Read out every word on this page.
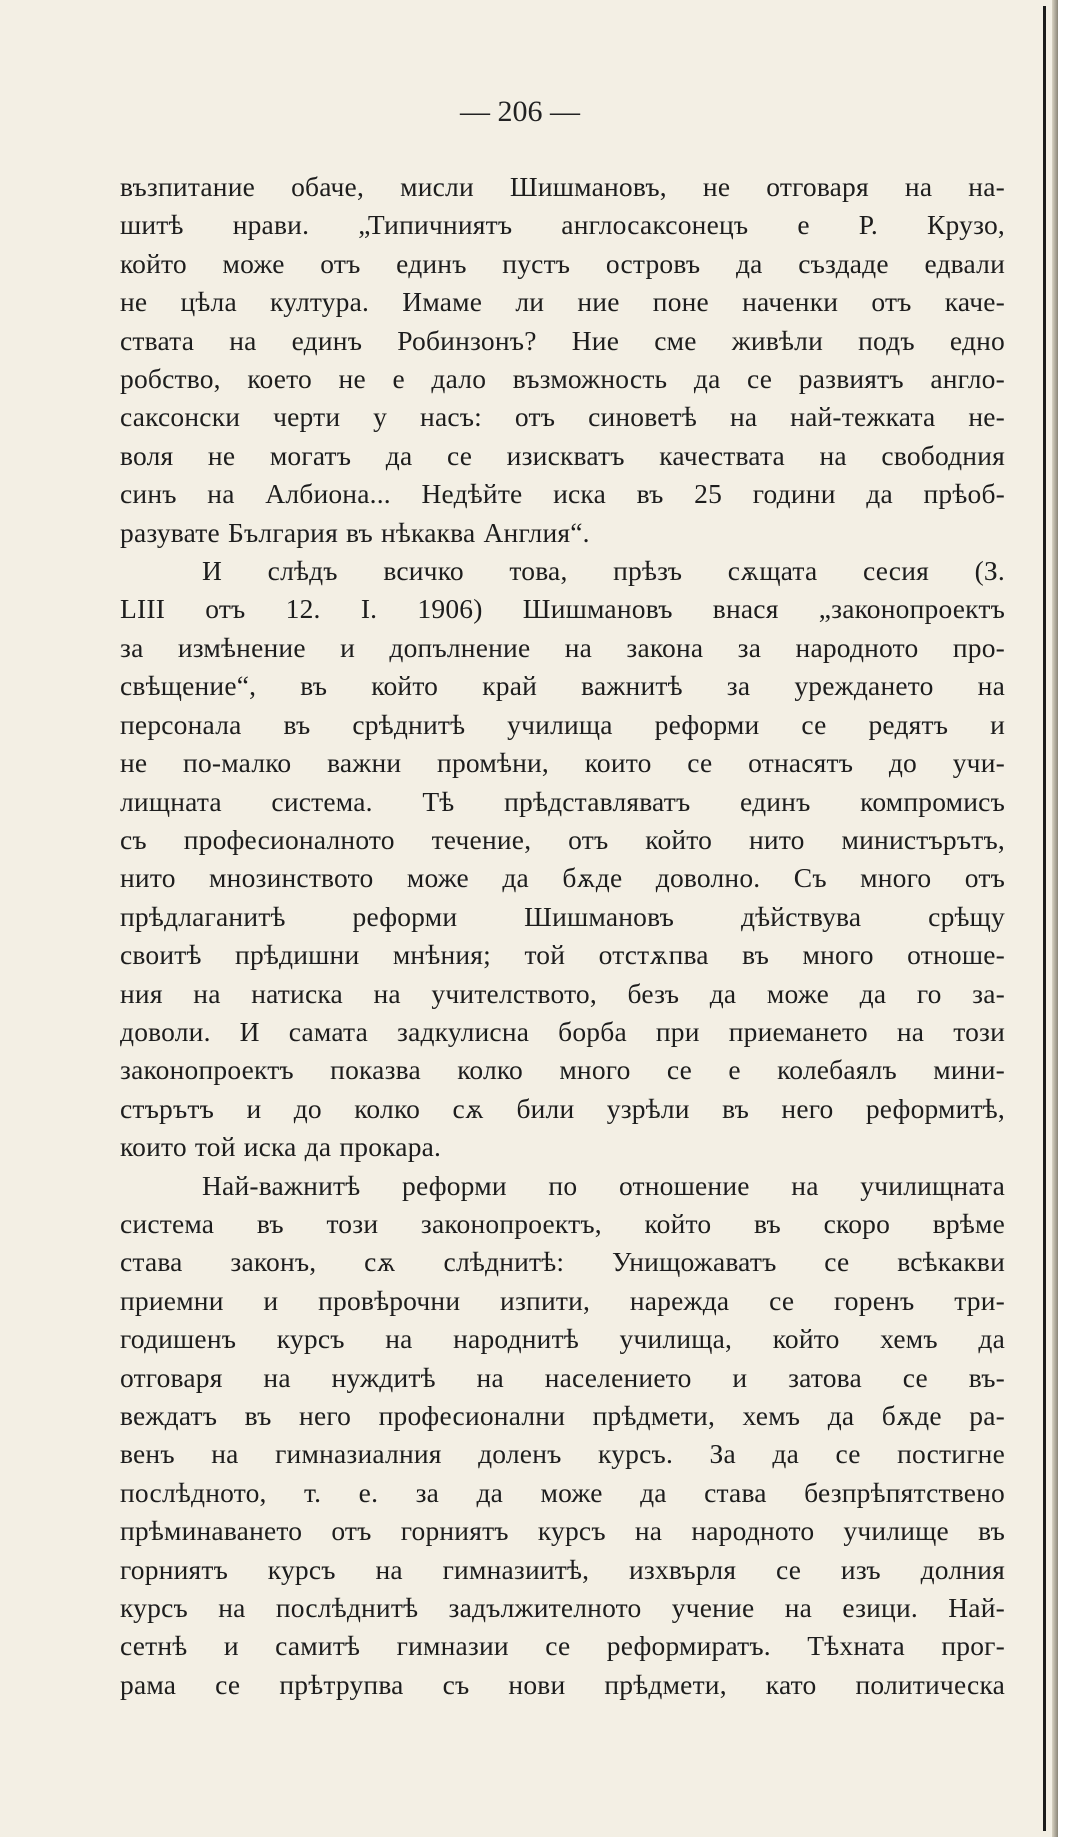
— 206 —

възпитание обаче, мисли Шишмановъ, не отговаря на на-

шитѣ нрави. „Типичниятъ англосаксонецъ е Р. Крузо,

който може отъ единъ пустъ островъ да създаде едвали

не цѣла култура. Имаме ли ние поне наченки отъ каче-

ствата на единъ Робинзонъ? Ние сме живѣли подъ едно

робство, което не е дало възможность да се развиятъ англо-

саксонски черти у насъ: отъ синоветѣ на най-тежката не-

воля не могатъ да се изискватъ качествата на свободния

синъ на Албиона... Недѣйте иска въ 25 години да прѣоб-

разувате България въ нѣкаква Англия“.

И слѣдъ всичко това, прѣзъ сѫщата сесия (З.

LIII отъ 12. I. 1906) Шишмановъ внася „законопроектъ

за измѣнение и допълнение на закона за народното про-

свѣщение“, въ който край важнитѣ за уреждането на

персонала въ срѣднитѣ училища реформи се редятъ и

не по-малко важни промѣни, които се отнасятъ до учи-

лищната система. Тѣ прѣдставляватъ единъ компромисъ

съ професионалното течение, отъ който нито министърътъ,

нито мнозинството може да бѫде доволно. Съ много отъ

прѣдлаганитѣ реформи Шишмановъ дѣйствува срѣщу

своитѣ прѣдишни мнѣния; той отстѫпва въ много отноше-

ния на натиска на учителството, безъ да може да го за-

доволи. И самата задкулисна борба при приемането на този

законопроектъ показва колко много се е колебаялъ мини-

стърътъ и до колко сѫ били узрѣли въ него реформитѣ,

които той иска да прокара.

Най-важнитѣ реформи по отношение на училищната

система въ този законопроектъ, който въ скоро врѣме

става законъ, сѫ слѣднитѣ: Унищожаватъ се всѣкакви

приемни и провѣрочни изпити, нарежда се горенъ три-

годишенъ курсъ на народнитѣ училища, който хемъ да

отговаря на нуждитѣ на населението и затова се въ-

веждатъ въ него професионални прѣдмети, хемъ да бѫде ра-

венъ на гимназиалния доленъ курсъ. За да се постигне

послѣдното, т. е. за да може да става безпрѣпятствено

прѣминаването отъ горниятъ курсъ на народното училище въ

горниятъ курсъ на гимназиитѣ, изхвърля се изъ долния

курсъ на послѣднитѣ задължителното учение на езици. Най-

сетнѣ и самитѣ гимназии се реформиратъ. Тѣхната прог-

рама се прѣтрупва съ нови прѣдмети, като политическа
